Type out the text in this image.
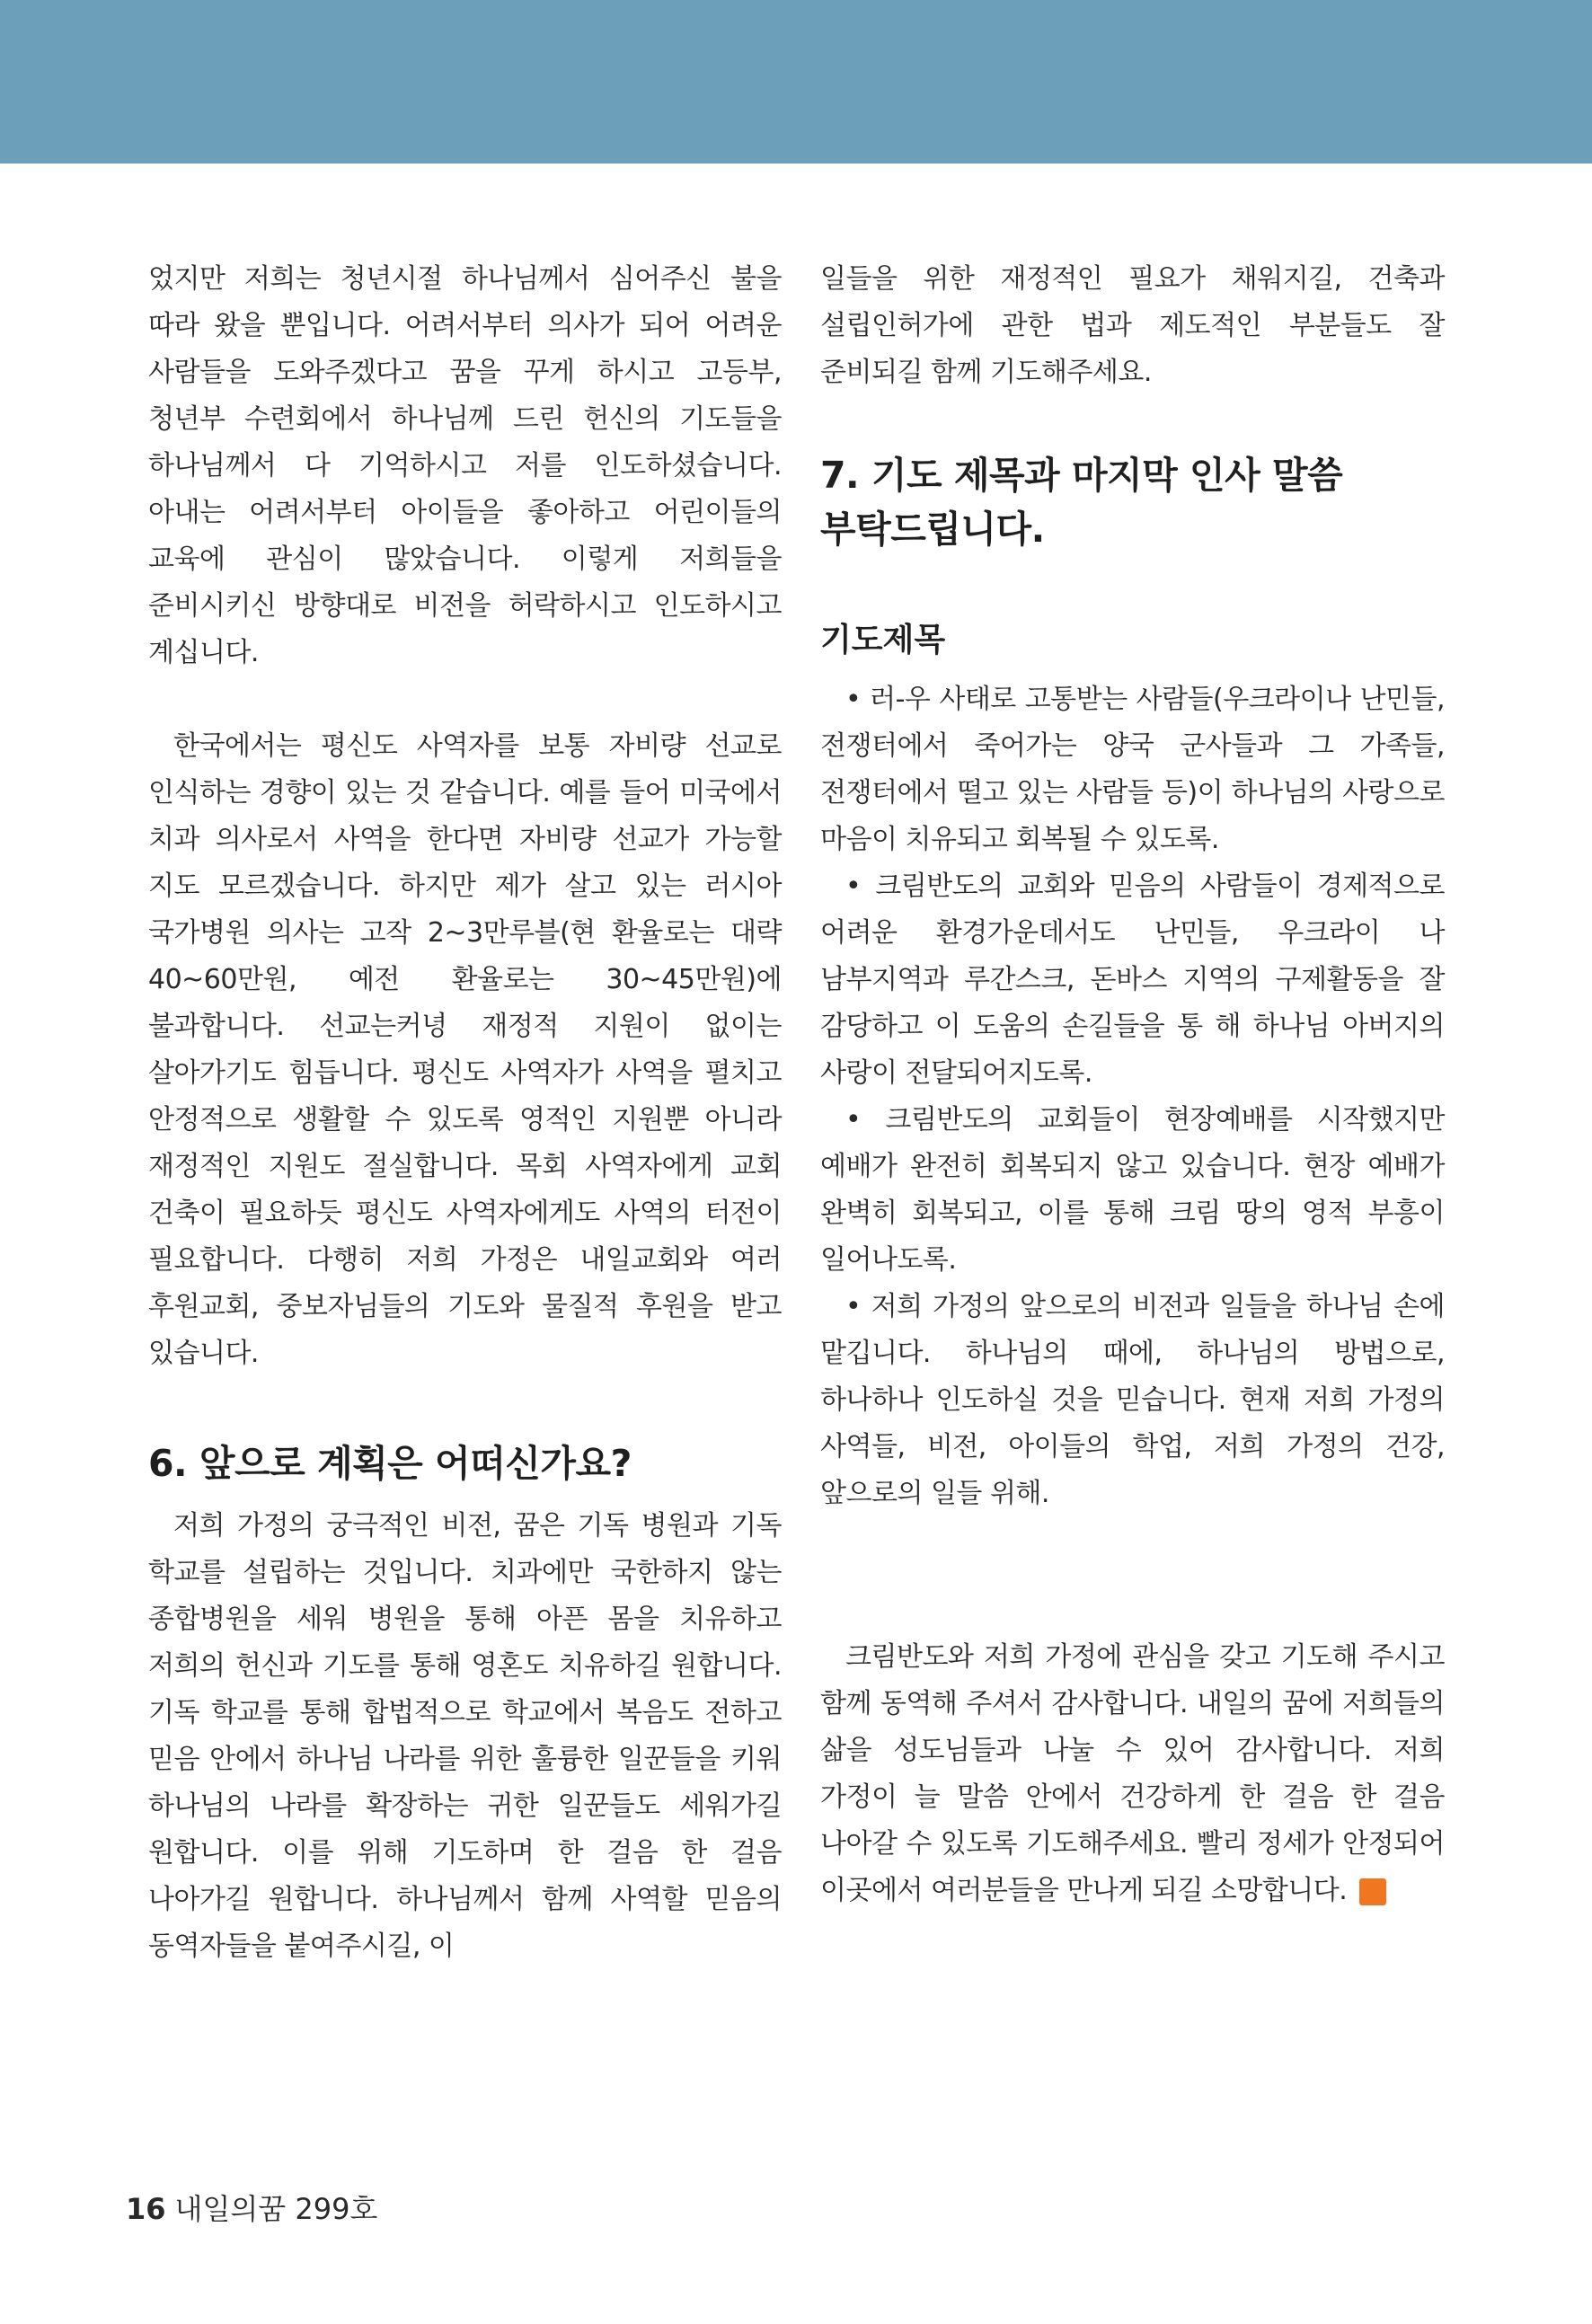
었지만 저희는 청년시절 하나님께서 심어주신 불을 따라 왔을 뿐입니다. 어려서부터 의사가 되어 어려운 사람들을 도와주겠다고 꿈을 꾸게 하시고 고등부, 청년부 수련회에서 하나님께 드린 헌신의 기도들을 하나님께서 다 기억하시고 저를 인도하셨습니다. 아내는 어려서부터 아이들을 좋아하고 어린이들의 교육에 관심이 많았습니다. 이렇게 저희들을 준비시키신 방향대로 비전을 허락하시고 인도하시고 계십니다.

한국에서는 평신도 사역자를 보통 자비량 선교로 인식하는 경향이 있는 것 같습니다. 예를 들어 미국에서 치과 의사로서 사역을 한다면 자비량 선교가 가능할 지도 모르겠습니다. 하지만 제가 살고 있는 러시아 국가병원 의사는 고작 2~3만루블(현 환율로는 대략 40~60만원, 예전 환율로는 30~45만원)에 불과합니다. 선교는커녕 재정적 지원이 없이는 살아가기도 힘듭니다. 평신도 사역자가 사역을 펼치고 안정적으로 생활할 수 있도록 영적인 지원뿐 아니라 재정적인 지원도 절실합니다. 목회 사역자에게 교회 건축이 필요하듯 평신도 사역자에게도 사역의 터전이 필요합니다. 다행히 저희 가정은 내일교회와 여러 후원교회, 중보자님들의 기도와 물질적 후원을 받고 있습니다.

6. 앞으로 계획은 어떠신가요?

저희 가정의 궁극적인 비전, 꿈은 기독 병원과 기독 학교를 설립하는 것입니다. 치과에만 국한하지 않는 종합병원을 세워 병원을 통해 아픈 몸을 치유하고 저희의 헌신과 기도를 통해 영혼도 치유하길 원합니다. 기독 학교를 통해 합법적으로 학교에서 복음도 전하고 믿음 안에서 하나님 나라를 위한 훌륭한 일꾼들을 키워 하나님의 나라를 확장하는 귀한 일꾼들도 세워가길 원합니다. 이를 위해 기도하며 한 걸음 한 걸음 나아가길 원합니다. 하나님께서 함께 사역할 믿음의 동역자들을 붙여주시길, 이

일들을 위한 재정적인 필요가 채워지길, 건축과 설립인허가에 관한 법과 제도적인 부분들도 잘 준비되길 함께 기도해주세요.

7. 기도 제목과 마지막 인사 말씀
부탁드립니다.
기도제목

• 러-우 사태로 고통받는 사람들(우크라이나 난민들, 전쟁터에서 죽어가는 양국 군사들과 그 가족들, 전쟁터에서 떨고 있는 사람들 등)이 하나님의 사랑으로 마음이 치유되고 회복될 수 있도록.

• 크림반도의 교회와 믿음의 사람들이 경제적으로 어려운 환경가운데서도 난민들, 우크라이 나 남부지역과 루간스크, 돈바스 지역의 구제활동을 잘 감당하고 이 도움의 손길들을 통 해 하나님 아버지의 사랑이 전달되어지도록.

• 크림반도의 교회들이 현장예배를 시작했지만 예배가 완전히 회복되지 않고 있습니다. 현장 예배가 완벽히 회복되고, 이를 통해 크림 땅의 영적 부흥이 일어나도록.

• 저희 가정의 앞으로의 비전과 일들을 하나님 손에 맡깁니다. 하나님의 때에, 하나님의 방법으로, 하나하나 인도하실 것을 믿습니다. 현재 저희 가정의 사역들, 비전, 아이들의 학업, 저희 가정의 건강, 앞으로의 일들 위해.

크림반도와 저희 가정에 관심을 갖고 기도해 주시고 함께 동역해 주셔서 감사합니다. 내일의 꿈에 저희들의 삶을 성도님들과 나눌 수 있어 감사합니다. 저희 가정이 늘 말씀 안에서 건강하게 한 걸음 한 걸음 나아갈 수 있도록 기도해주세요. 빨리 정세가 안정되어 이곳에서 여러분들을 만나게 되길 소망합니다. N

16 내일의꿈 299호
